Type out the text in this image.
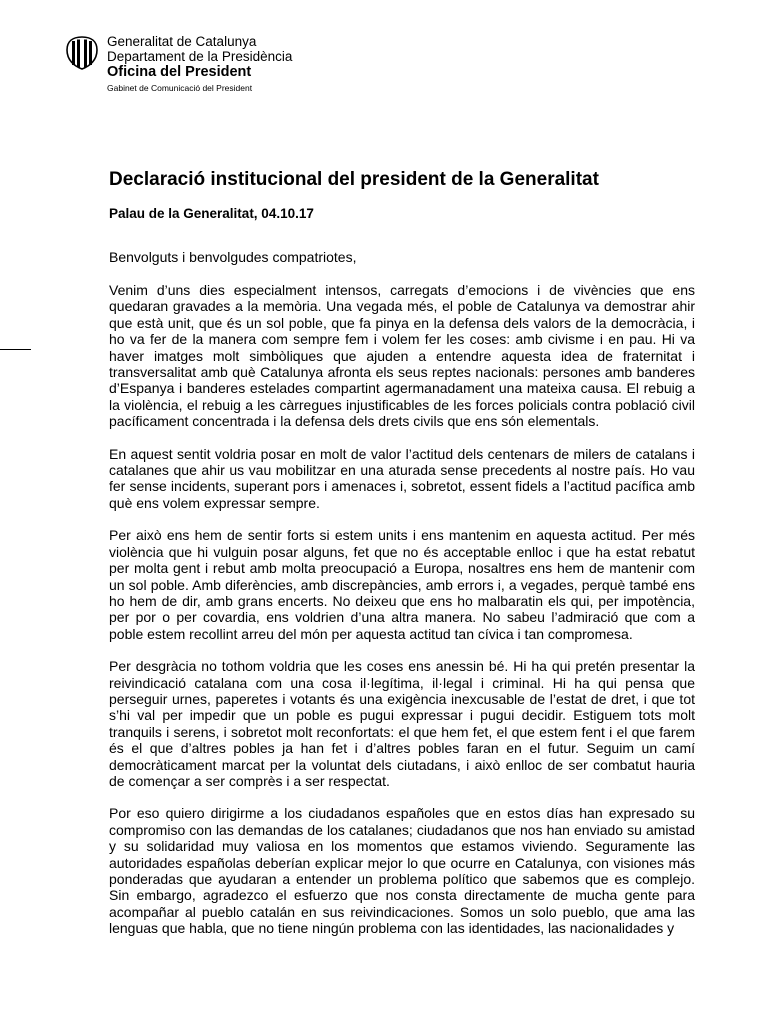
Generalitat de Catalunya
Departament de la Presidència
Oficina del President
Gabinet de Comunicació del President
Declaració institucional del president de la Generalitat
Palau de la Generalitat, 04.10.17
Benvolguts i benvolgudes compatriotes,

Venim d’uns dies especialment intensos, carregats d’emocions i de vivències que ens quedaran gravades a la memòria. Una vegada més, el poble de Catalunya va demostrar ahir que està unit, que és un sol poble, que fa pinya en la defensa dels valors de la democràcia, i ho va fer de la manera com sempre fem i volem fer les coses: amb civisme i en pau. Hi va haver imatges molt simbòliques que ajuden a entendre aquesta idea de fraternitat i transversalitat amb què Catalunya afronta els seus reptes nacionals: persones amb banderes d’Espanya i banderes estelades compartint agermanadament una mateixa causa. El rebuig a la violència, el rebuig a les càrregues injustificables de les forces policials contra població civil pacíficament concentrada i la defensa dels drets civils que ens són elementals.

En aquest sentit voldria posar en molt de valor l’actitud dels centenars de milers de catalans i catalanes que ahir us vau mobilitzar en una aturada sense precedents al nostre país. Ho vau fer sense incidents, superant pors i amenaces i, sobretot, essent fidels a l’actitud pacífica amb què ens volem expressar sempre.

Per això ens hem de sentir forts si estem units i ens mantenim en aquesta actitud. Per més violència que hi vulguin posar alguns, fet que no és acceptable enlloc i que ha estat rebatut per molta gent i rebut amb molta preocupació a Europa, nosaltres ens hem de mantenir com un sol poble. Amb diferències, amb discrepàncies, amb errors i, a vegades, perquè també ens ho hem de dir, amb grans encerts. No deixeu que ens ho malbaratin els qui, per impotència, per por o per covardia, ens voldrien d’una altra manera. No sabeu l’admiració que com a poble estem recollint arreu del món per aquesta actitud tan cívica i tan compromesa.

Per desgràcia no tothom voldria que les coses ens anessin bé. Hi ha qui pretén presentar la reivindicació catalana com una cosa il·legítima, il·legal i criminal. Hi ha qui pensa que perseguir urnes, paperetes i votants és una exigència inexcusable de l’estat de dret, i que tot s’hi val per impedir que un poble es pugui expressar i pugui decidir. Estiguem tots molt tranquils i serens, i sobretot molt reconfortats: el que hem fet, el que estem fent i el que farem és el que d’altres pobles ja han fet i d’altres pobles faran en el futur. Seguim un camí democràticament marcat per la voluntat dels ciutadans, i això enlloc de ser combatut hauria de començar a ser comprès i a ser respectat.

Por eso quiero dirigirme a los ciudadanos españoles que en estos días han expresado su compromiso con las demandas de los catalanes; ciudadanos que nos han enviado su amistad y su solidaridad muy valiosa en los momentos que estamos viviendo. Seguramente las autoridades españolas deberían explicar mejor lo que ocurre en Catalunya, con visiones más ponderadas que ayudaran a entender un problema político que sabemos que es complejo. Sin embargo, agradezco el esfuerzo que nos consta directamente de mucha gente para acompañar al pueblo catalán en sus reivindicaciones. Somos un solo pueblo, que ama las lenguas que habla, que no tiene ningún problema con las identidades, las nacionalidades y
